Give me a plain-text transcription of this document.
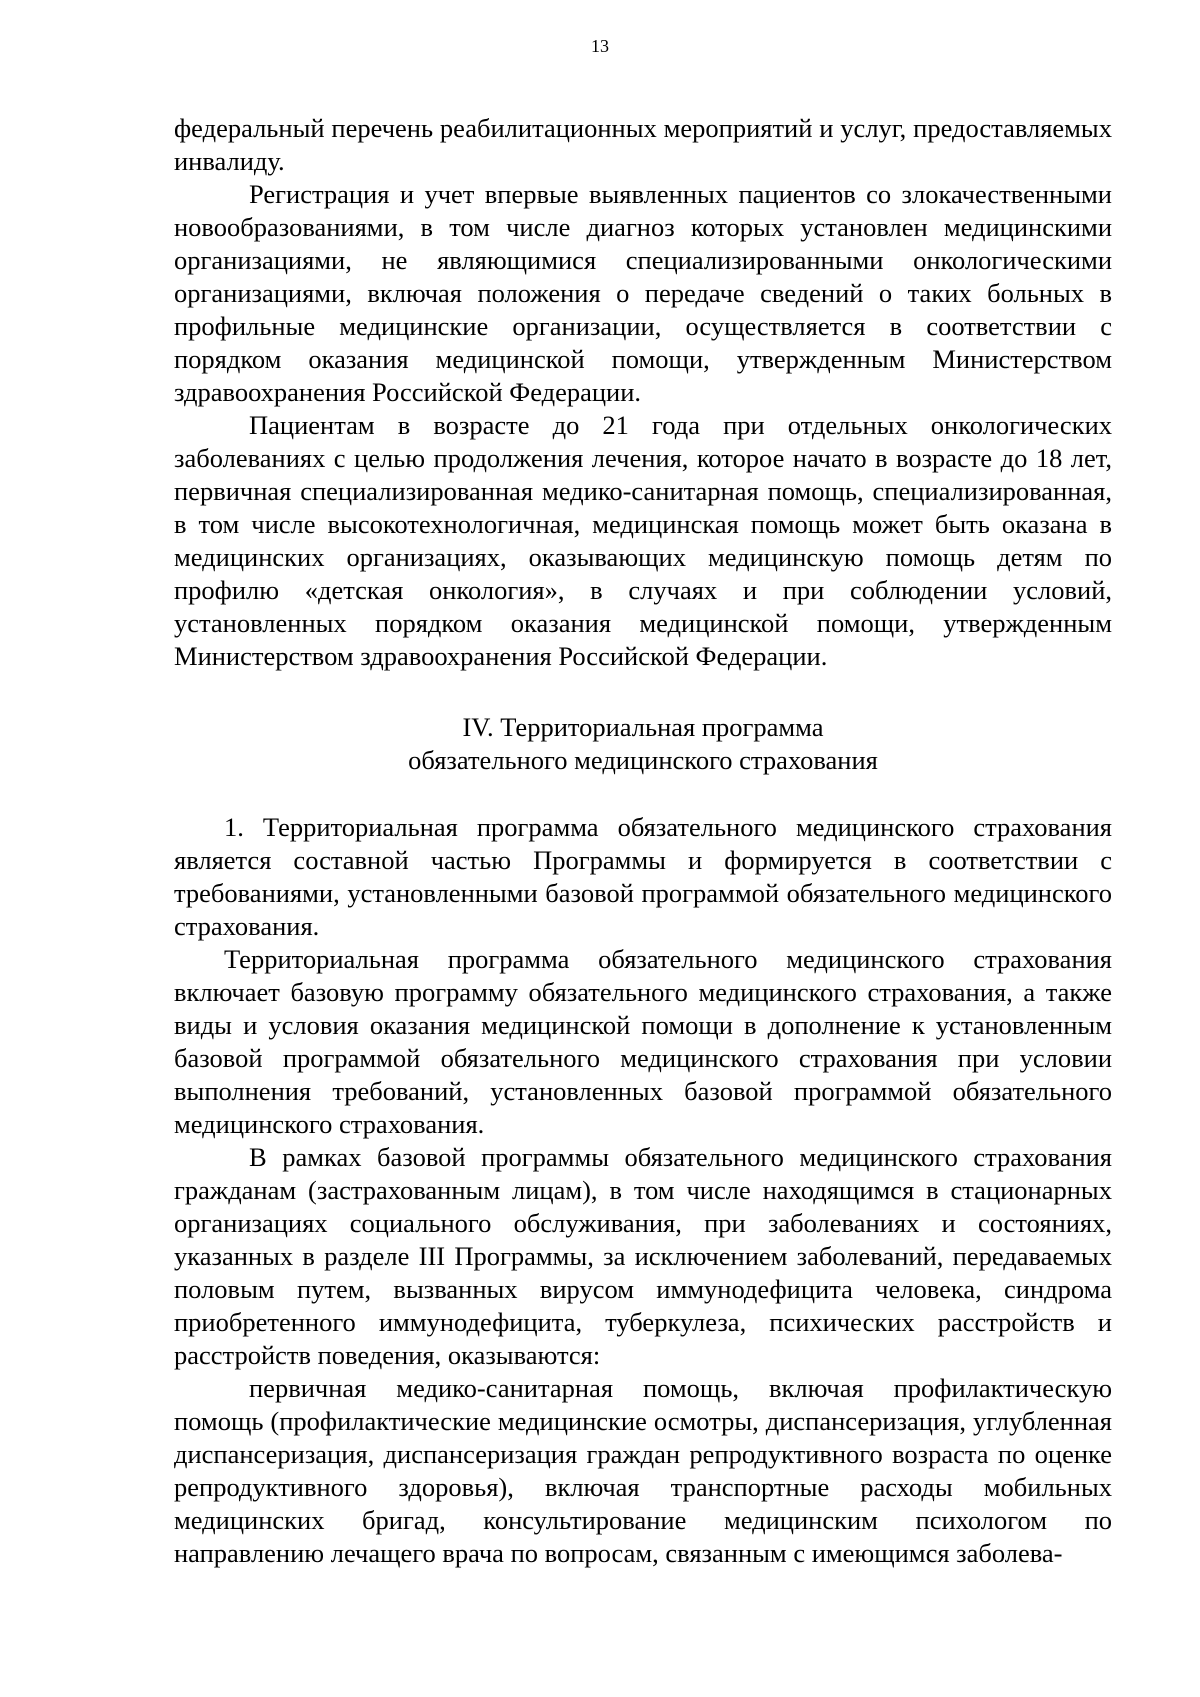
13

федеральный перечень реабилитационных мероприятий и услуг, предоставляемых инвалиду.

Регистрация и учет впервые выявленных пациентов со злокачественными новообразованиями, в том числе диагноз которых установлен медицинскими организациями, не являющимися специализированными онкологическими организациями, включая положения о передаче сведений о таких больных в профильные медицинские организации, осуществляется в соответствии с порядком оказания медицинской помощи, утвержденным Министерством здравоохранения Российской Федерации.

Пациентам в возрасте до 21 года при отдельных онкологических заболеваниях с целью продолжения лечения, которое начато в возрасте до 18 лет, первичная специализированная медико-санитарная помощь, специализированная, в том числе высокотехнологичная, медицинская помощь может быть оказана в медицинских организациях, оказывающих медицинскую помощь детям по профилю «детская онкология», в случаях и при соблюдении условий, установленных порядком оказания медицинской помощи, утвержденным Министерством здравоохранения Российской Федерации.

IV. Территориальная программа
обязательного медицинского страхования

1. Территориальная программа обязательного медицинского страхования является составной частью Программы и формируется в соответствии с требованиями, установленными базовой программой обязательного медицинского страхования.

Территориальная программа обязательного медицинского страхования включает базовую программу обязательного медицинского страхования, а также виды и условия оказания медицинской помощи в дополнение к установленным базовой программой обязательного медицинского страхования при условии выполнения требований, установленных базовой программой обязательного медицинского страхования.

В рамках базовой программы обязательного медицинского страхования гражданам (застрахованным лицам), в том числе находящимся в стационарных организациях социального обслуживания, при заболеваниях и состояниях, указанных в разделе III Программы, за исключением заболеваний, передаваемых половым путем, вызванных вирусом иммунодефицита человека, синдрома приобретенного иммунодефицита, туберкулеза, психических расстройств и расстройств поведения, оказываются:

первичная медико-санитарная помощь, включая профилактическую помощь (профилактические медицинские осмотры, диспансеризация, углубленная диспансеризация, диспансеризация граждан репродуктивного возраста по оценке репродуктивного здоровья), включая транспортные расходы мобильных медицинских бригад, консультирование медицинским психологом по направлению лечащего врача по вопросам, связанным с имеющимся заболева-
